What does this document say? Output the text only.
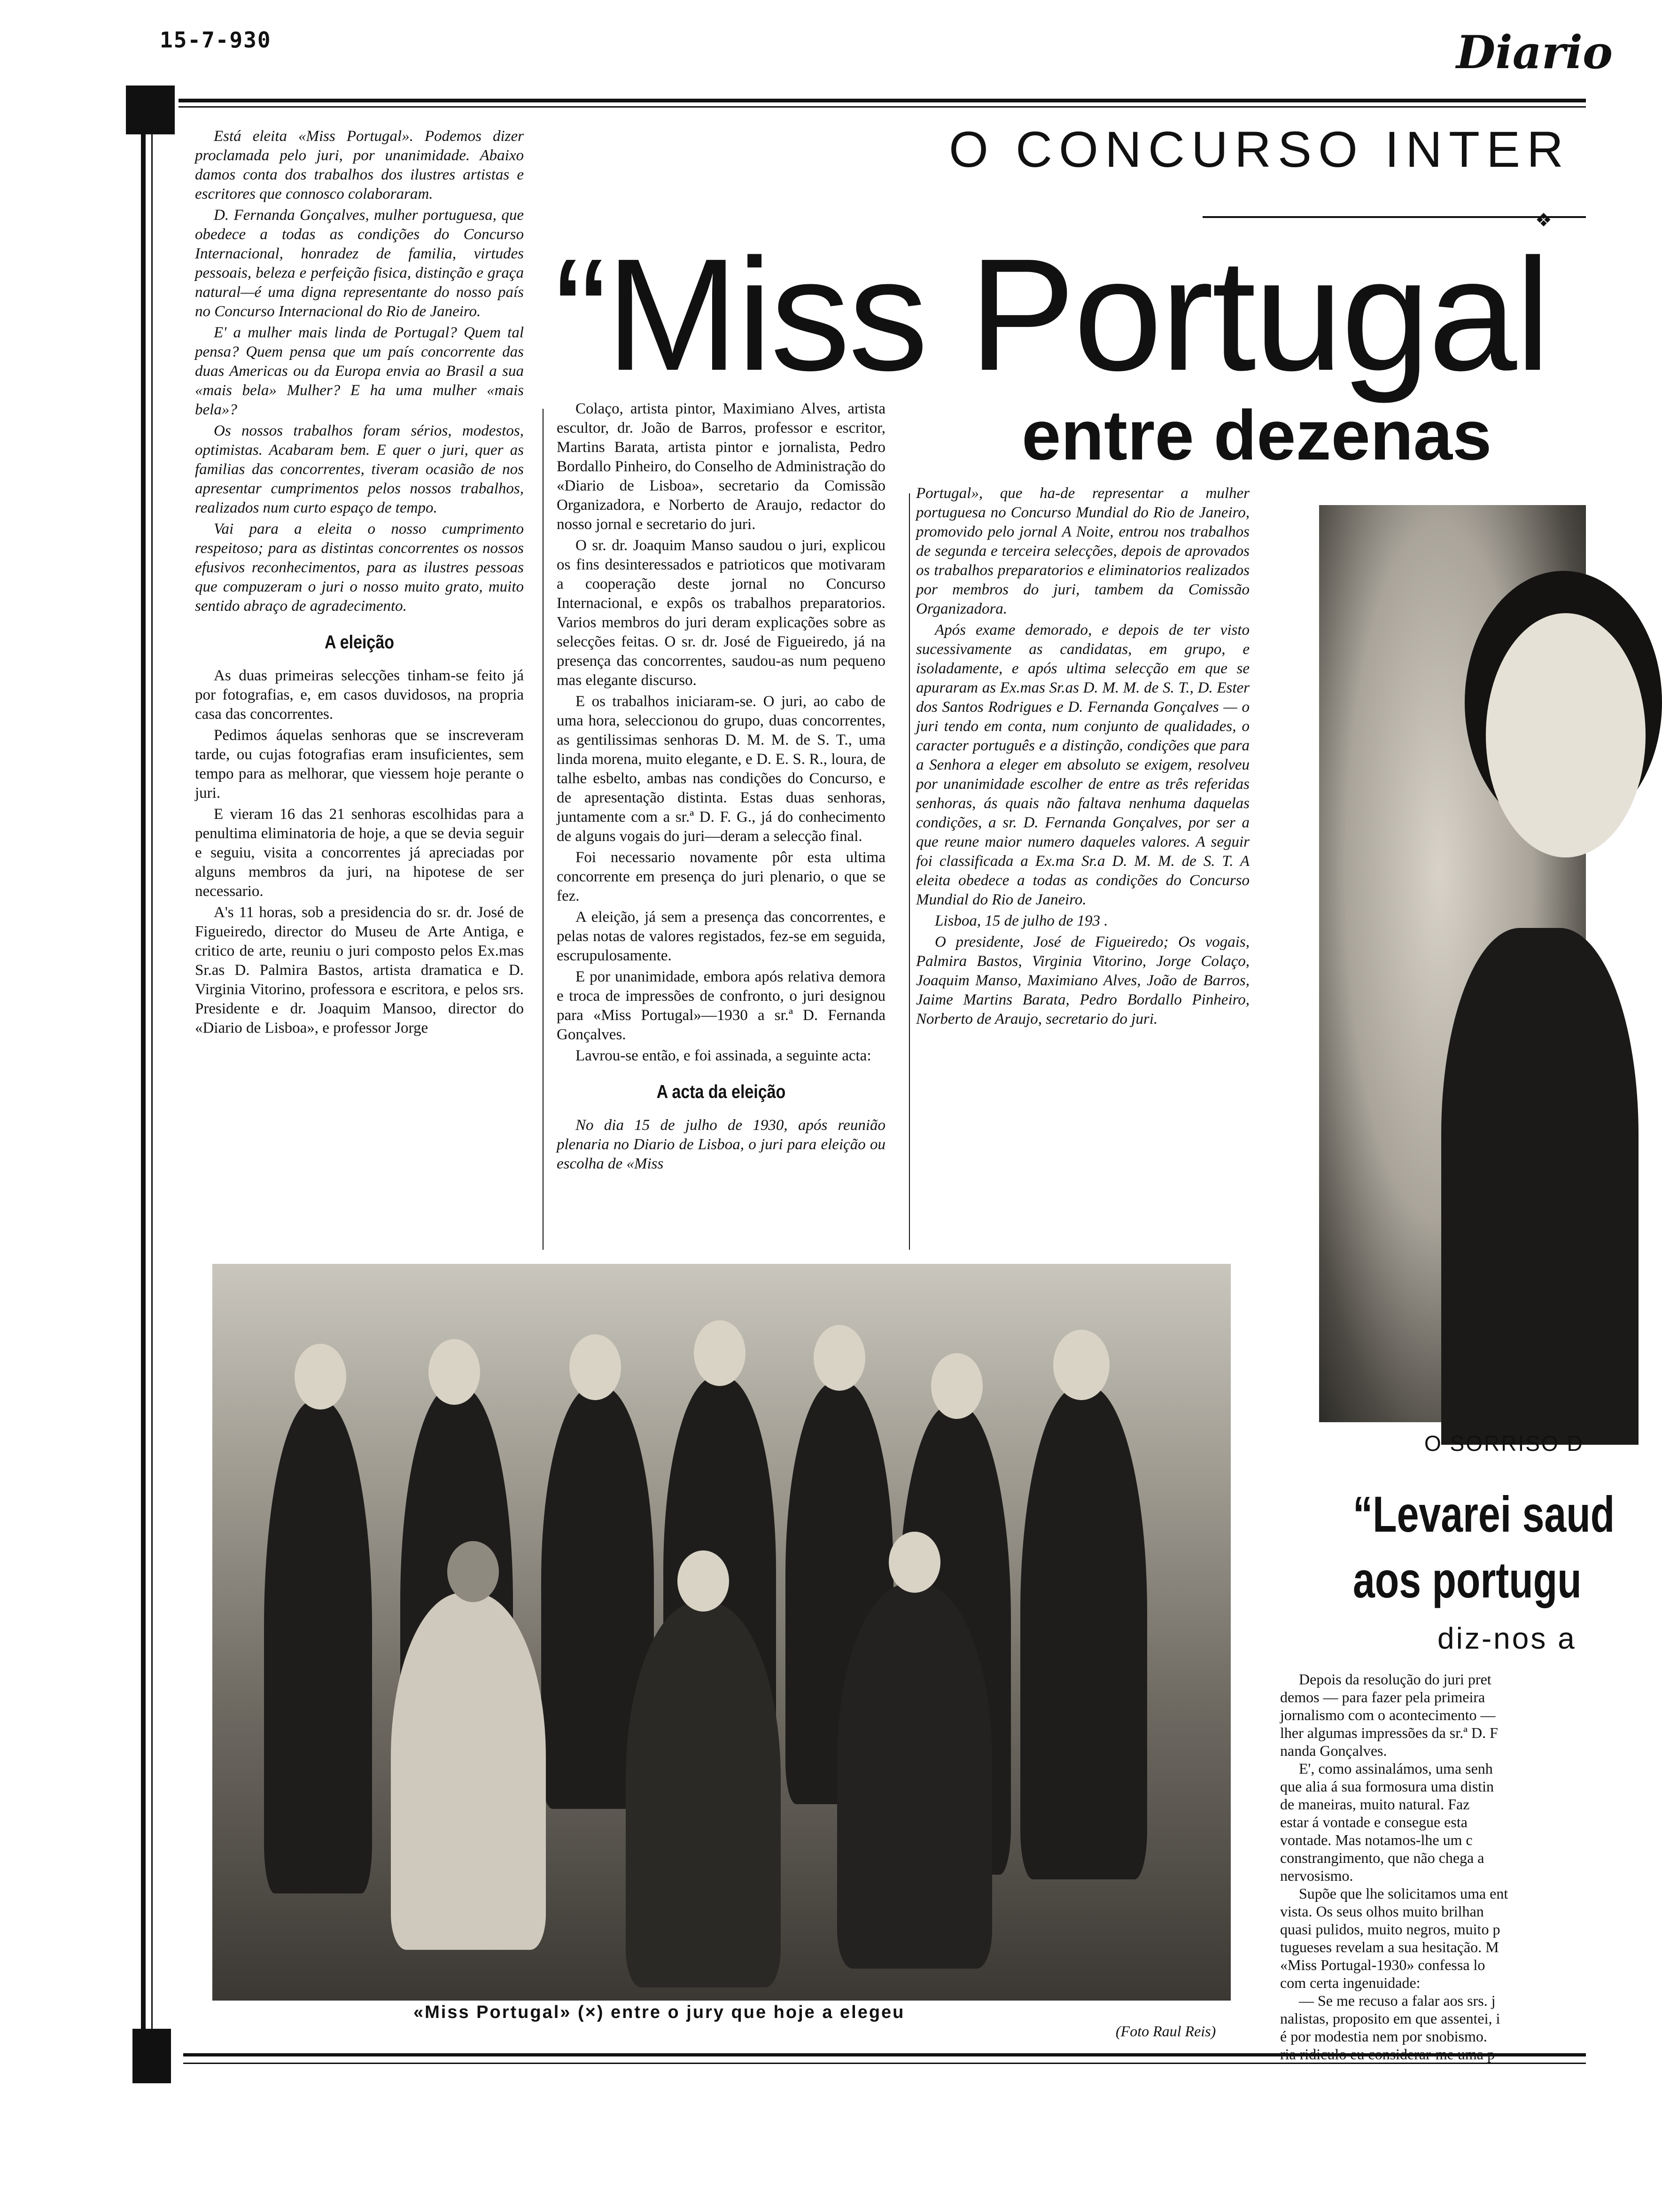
15-7-930	Diario
O CONCURSO INTER
❖
“Miss Portugal
entre dezenas

Está eleita «Miss Portugal». Podemos dizer proclamada pelo juri, por unanimidade. Abaixo damos conta dos trabalhos dos ilustres artistas e escritores que connosco colaboraram.

D. Fernanda Gonçalves, mulher portuguesa, que obedece a todas as condições do Concurso Internacional, honradez de familia, virtudes pessoais, beleza e perfeição fisica, distinção e graça natural—é uma digna representante do nosso país no Concurso Internacional do Rio de Janeiro.

E' a mulher mais linda de Portugal? Quem tal pensa? Quem pensa que um país concorrente das duas Americas ou da Europa envia ao Brasil a sua «mais bela» Mulher? E ha uma mulher «mais bela»?

Os nossos trabalhos foram sérios, modestos, optimistas. Acabaram bem. E quer o juri, quer as familias das concorrentes, tiveram ocasião de nos apresentar cumprimentos pelos nossos trabalhos, realizados num curto espaço de tempo.

Vai para a eleita o nosso cumprimento respeitoso; para as distintas concorrentes os nossos efusivos reconhecimentos, para as ilustres pessoas que compuzeram o juri o nosso muito grato, muito sentido abraço de agradecimento.

A eleição

As duas primeiras selecções tinham-se feito já por fotografias, e, em casos duvidosos, na propria casa das concorrentes.

Pedimos áquelas senhoras que se inscreveram tarde, ou cujas fotografias eram insuficientes, sem tempo para as melhorar, que viessem hoje perante o juri.

E vieram 16 das 21 senhoras escolhidas para a penultima eliminatoria de hoje, a que se devia seguir e seguiu, visita a concorrentes já apreciadas por alguns membros da juri, na hipotese de ser necessario.

A's 11 horas, sob a presidencia do sr. dr. José de Figueiredo, director do Museu de Arte Antiga, e critico de arte, reuniu o juri composto pelos Ex.mas Sr.as D. Palmira Bastos, artista dramatica e D. Virginia Vitorino, professora e escritora, e pelos srs. Presidente e dr. Joaquim Mansoo, director do «Diario de Lisboa», e professor Jorge

Colaço, artista pintor, Maximiano Alves, artista escultor, dr. João de Barros, professor e escritor, Martins Barata, artista pintor e jornalista, Pedro Bordallo Pinheiro, do Conselho de Administração do «Diario de Lisboa», secretario da Comissão Organizadora, e Norberto de Araujo, redactor do nosso jornal e secretario do juri.

O sr. dr. Joaquim Manso saudou o juri, explicou os fins desinteressados e patrioticos que motivaram a cooperação deste jornal no Concurso Internacional, e expôs os trabalhos preparatorios. Varios membros do juri deram explicações sobre as selecções feitas. O sr. dr. José de Figueiredo, já na presença das concorrentes, saudou-as num pequeno mas elegante discurso.

E os trabalhos iniciaram-se. O juri, ao cabo de uma hora, seleccionou do grupo, duas concorrentes, as gentilissimas senhoras D. M. M. de S. T., uma linda morena, muito elegante, e D. E. S. R., loura, de talhe esbelto, ambas nas condições do Concurso, e de apresentação distinta. Estas duas senhoras, juntamente com a sr.ª D. F. G., já do conhecimento de alguns vogais do juri—deram a selecção final.

Foi necessario novamente pôr esta ultima concorrente em presença do juri plenario, o que se fez.

A eleição, já sem a presença das concorrentes, e pelas notas de valores registados, fez-se em seguida, escrupulosamente.

E por unanimidade, embora após relativa demora e troca de impressões de confronto, o juri designou para «Miss Portugal»—1930 a sr.ª D. Fernanda Gonçalves.

Lavrou-se então, e foi assinada, a seguinte acta:

A acta da eleição

No dia 15 de julho de 1930, após reunião plenaria no Diario de Lisboa, o juri para eleição ou escolha de «Miss

Portugal», que ha-de representar a mulher portuguesa no Concurso Mundial do Rio de Janeiro, promovido pelo jornal A Noite, entrou nos trabalhos de segunda e terceira selecções, depois de aprovados os trabalhos preparatorios e eliminatorios realizados por membros do juri, tambem da Comissão Organizadora.

Após exame demorado, e depois de ter visto sucessivamente as candidatas, em grupo, e isoladamente, e após ultima selecção em que se apuraram as Ex.mas Sr.as D. M. M. de S. T., D. Ester dos Santos Rodrigues e D. Fernanda Gonçalves — o juri tendo em conta, num conjunto de qualidades, o caracter português e a distinção, condições que para a Senhora a eleger em absoluto se exigem, resolveu por unanimidade escolher de entre as três referidas senhoras, ás quais não faltava nenhuma daquelas condições, a sr. D. Fernanda Gonçalves, por ser a que reune maior numero daqueles valores. A seguir foi classificada a Ex.ma Sr.a D. M. M. de S. T. A eleita obedece a todas as condições do Concurso Mundial do Rio de Janeiro.

Lisboa, 15 de julho de 193 .

O presidente, José de Figueiredo; Os vogais, Palmira Bastos, Virginia Vitorino, Jorge Colaço, Joaquim Manso, Maximiano Alves, João de Barros, Jaime Martins Barata, Pedro Bordallo Pinheiro, Norberto de Araujo, secretario do juri.

«Miss Portugal» (×) entre o jury que hoje a elegeu
(Foto Raul Reis)
O SORRISO D
“Levarei saud
aos portugu
diz-nos a
Depois da resolução do juri pret
demos — para fazer pela primeira
jornalismo com o acontecimento —
lher algumas impressões da sr.ª D. F
nanda Gonçalves.
E', como assinalámos, uma senh
que alia á sua formosura uma distin
de maneiras, muito natural. Faz
estar á vontade e consegue esta
vontade. Mas notamos-lhe um c
constrangimento, que não chega a
nervosismo.
Supõe que lhe solicitamos uma ent
vista. Os seus olhos muito brilhan
quasi pulidos, muito negros, muito p
tugueses revelam a sua hesitação. M
«Miss Portugal-1930» confessa lo
com certa ingenuidade:
— Se me recuso a falar aos srs. j
nalistas, proposito em que assentei, i
é por modestia nem por snobismo.
ria ridiculo eu considerar-me uma p
